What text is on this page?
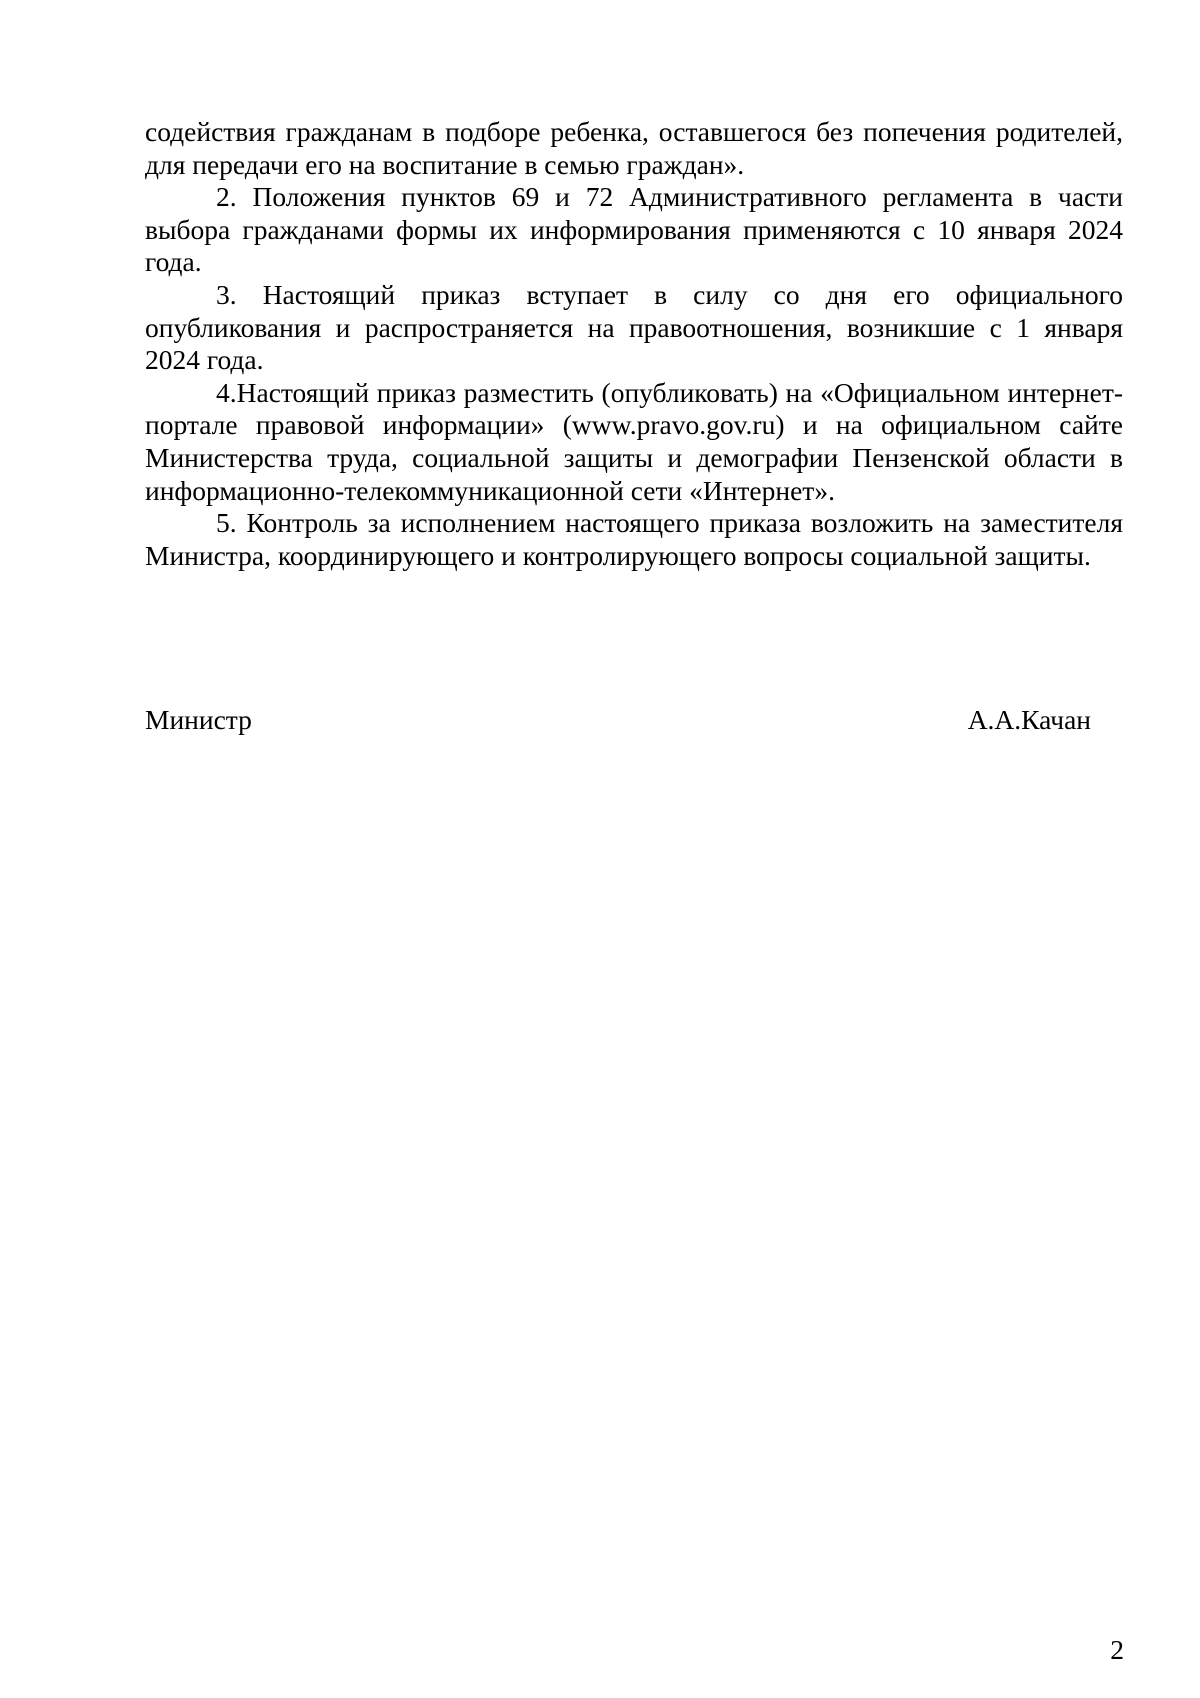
содействия гражданам в подборе ребенка, оставшегося без попечения родителей, для передачи его на воспитание в семью граждан».

2. Положения пунктов 69 и 72 Административного регламента в части выбора гражданами формы их информирования применяются с 10 января 2024 года.

3. Настоящий приказ вступает в силу со дня его официального опубликования и распространяется на правоотношения, возникшие с 1 января 2024 года.

4.Настоящий приказ разместить (опубликовать) на «Официальном интернет-портале правовой информации» (www.pravo.gov.ru) и на официальном сайте Министерства труда, социальной защиты и демографии Пензенской области в информационно-телекоммуникационной сети «Интернет».

5. Контроль за исполнением настоящего приказа возложить на заместителя Министра, координирующего и контролирующего вопросы социальной защиты.

Министр	А.А.Качан
2
